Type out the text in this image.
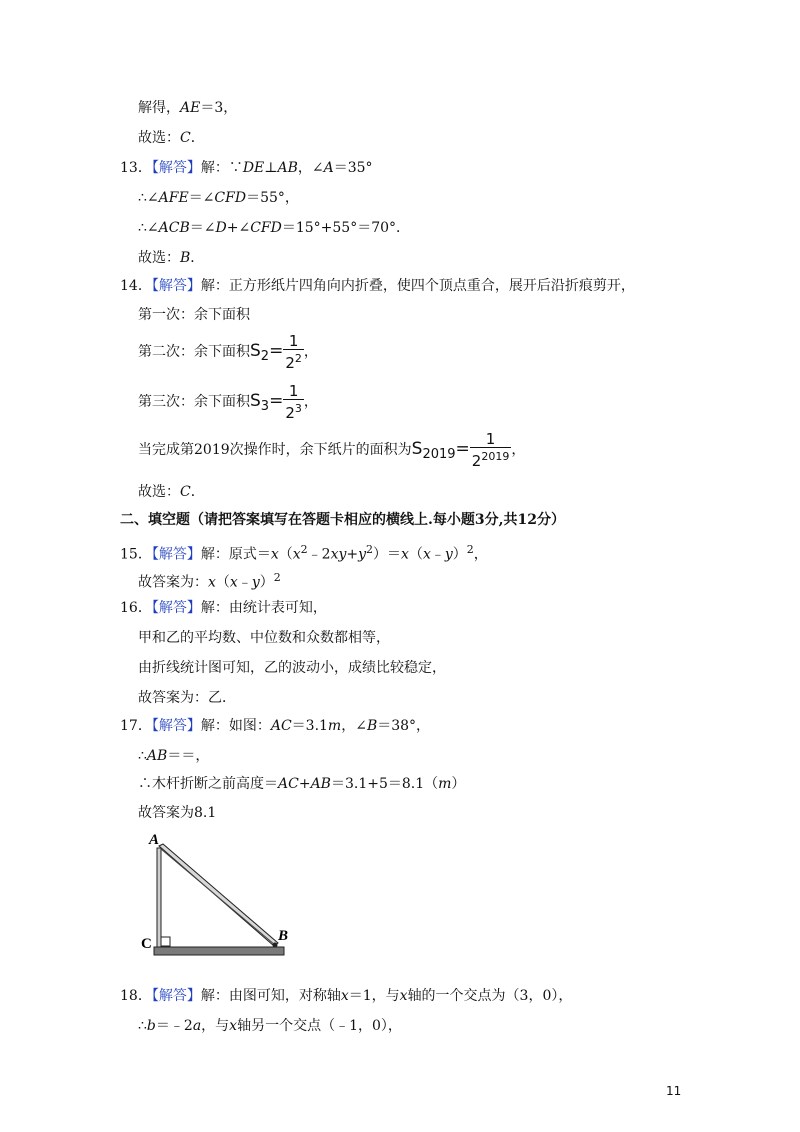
解得，AE＝3，
故选：C．
13．【解答】解：∵DE⊥AB，∠A＝35°
∴∠AFE＝∠CFD＝55°，
∴∠ACB＝∠D+∠CFD＝15°+55°＝70°．
故选：B．
14．【解答】解：正方形纸片四角向内折叠，使四个顶点重合，展开后沿折痕剪开，
第一次：余下面积
第二次：余下面积$S_2= \frac{1}{2^2}$ ，
第三次：余下面积$S_3= \frac{1}{2^3}$ ，
当完成第2019次操作时，余下纸片的面积为$S_{2019}= \frac{1}{2^{2019}}$ ，
故选：C．
二、填空题（请把答案填写在答题卡相应的横线上.每小题3分,共12分）
15．【解答】解：原式$=x(x^2﹣2xy+y^2)=x(x﹣y)^2$，
故答案为：x（x﹣y）$^2$
16．【解答】解：由统计表可知，
甲和乙的平均数、中位数和众数都相等，
由折线统计图可知，乙的波动小，成绩比较稳定，
故答案为：乙．
17．【解答】解：如图：AC＝3.1m，∠B＝38°，
∴AB＝＝，
∴木杆折断之前高度＝AC+AB＝3.1+5＝8.1（m）
故答案为8.1
A
C	B
18．【解答】解：由图可知，对称轴x＝1，与x轴的一个交点为（3，0），
∴b＝﹣2a，与x轴另一个交点（﹣1，0），
11
